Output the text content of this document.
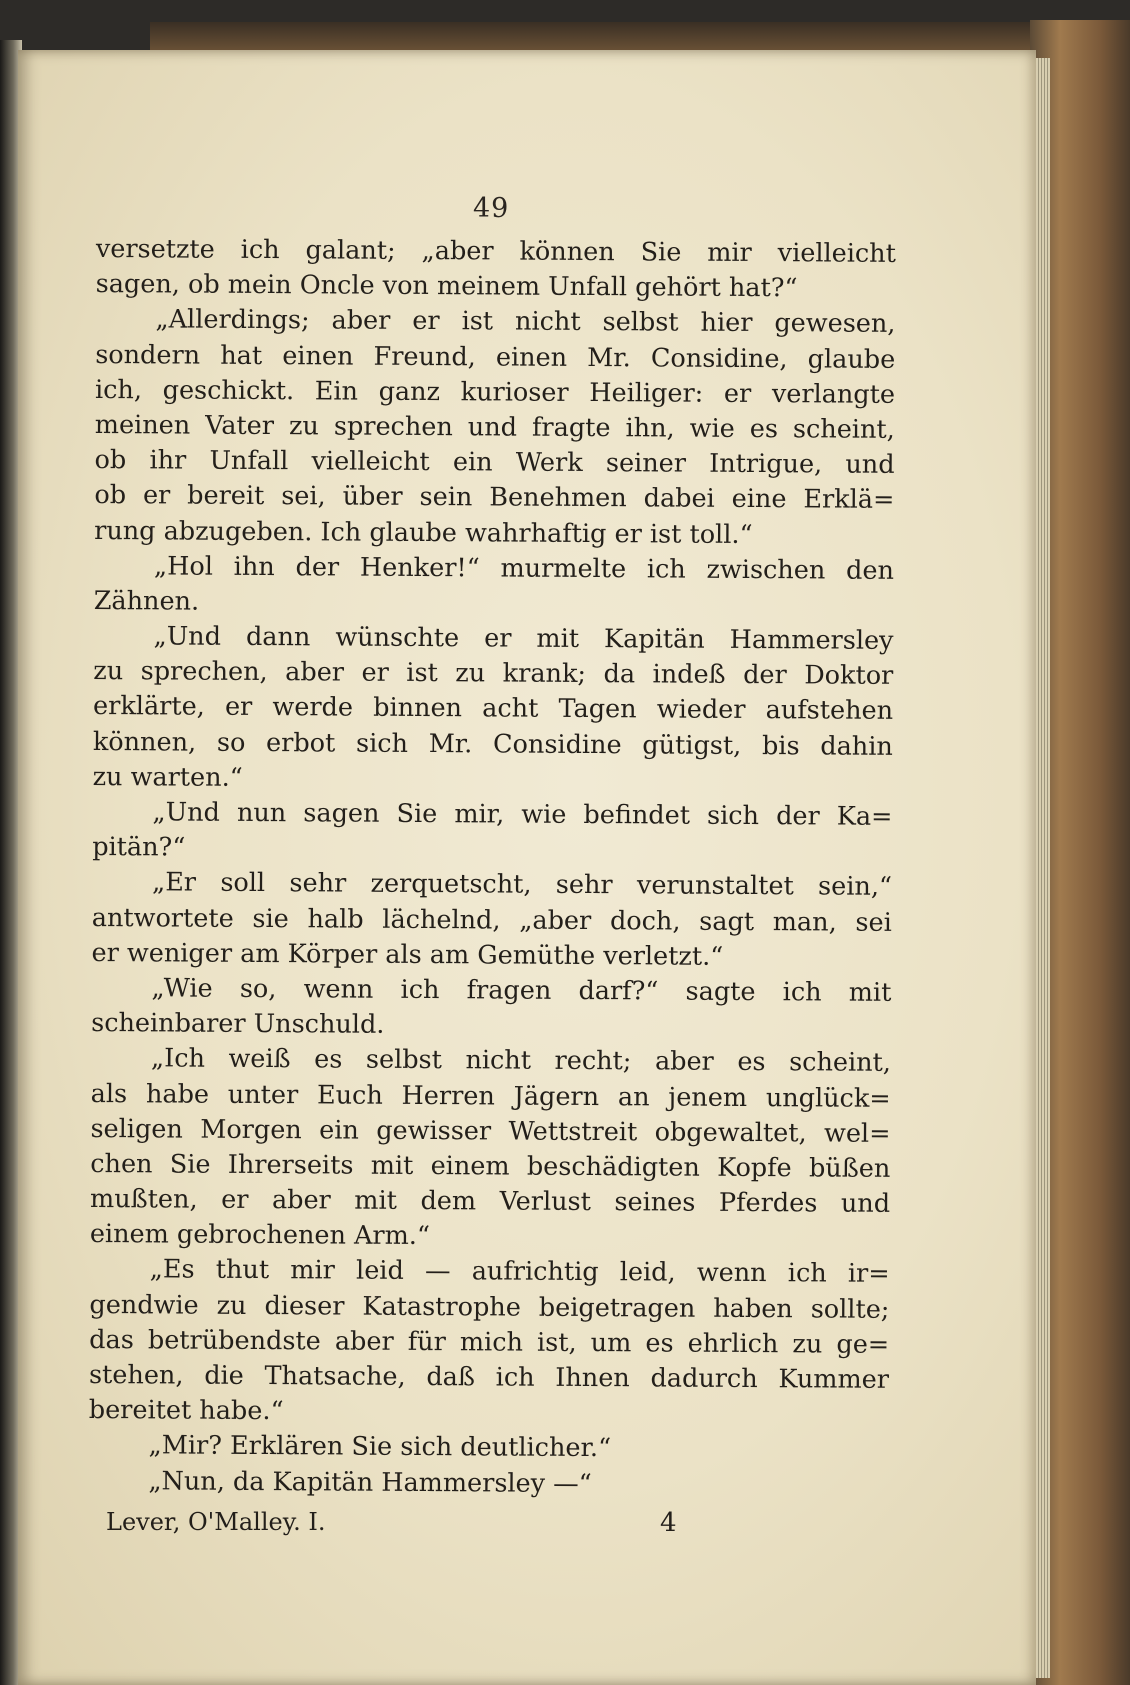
49
versetzte ich galant; „aber können Sie mir vielleicht
sagen, ob mein Oncle von meinem Unfall gehört hat?“
„Allerdings; aber er ist nicht selbst hier gewesen,
sondern hat einen Freund, einen Mr. Considine, glaube
ich, geschickt. Ein ganz kurioser Heiliger: er verlangte
meinen Vater zu sprechen und fragte ihn, wie es scheint,
ob ihr Unfall vielleicht ein Werk seiner Intrigue, und
ob er bereit sei, über sein Benehmen dabei eine Erklä=
rung abzugeben. Ich glaube wahrhaftig er ist toll.“
„Hol ihn der Henker!“ murmelte ich zwischen den
Zähnen.
„Und dann wünschte er mit Kapitän Hammersley
zu sprechen, aber er ist zu krank; da indeß der Doktor
erklärte, er werde binnen acht Tagen wieder aufstehen
können, so erbot sich Mr. Considine gütigst, bis dahin
zu warten.“
„Und nun sagen Sie mir, wie befindet sich der Ka=
pitän?“
„Er soll sehr zerquetscht, sehr verunstaltet sein,“
antwortete sie halb lächelnd, „aber doch, sagt man, sei
er weniger am Körper als am Gemüthe verletzt.“
„Wie so, wenn ich fragen darf?“ sagte ich mit
scheinbarer Unschuld.
„Ich weiß es selbst nicht recht; aber es scheint,
als habe unter Euch Herren Jägern an jenem unglück=
seligen Morgen ein gewisser Wettstreit obgewaltet, wel=
chen Sie Ihrerseits mit einem beschädigten Kopfe büßen
mußten, er aber mit dem Verlust seines Pferdes und
einem gebrochenen Arm.“
„Es thut mir leid — aufrichtig leid, wenn ich ir=
gendwie zu dieser Katastrophe beigetragen haben sollte;
das betrübendste aber für mich ist, um es ehrlich zu ge=
stehen, die Thatsache, daß ich Ihnen dadurch Kummer
bereitet habe.“
„Mir? Erklären Sie sich deutlicher.“
„Nun, da Kapitän Hammersley —“
Lever, O'Malley. I.	4
